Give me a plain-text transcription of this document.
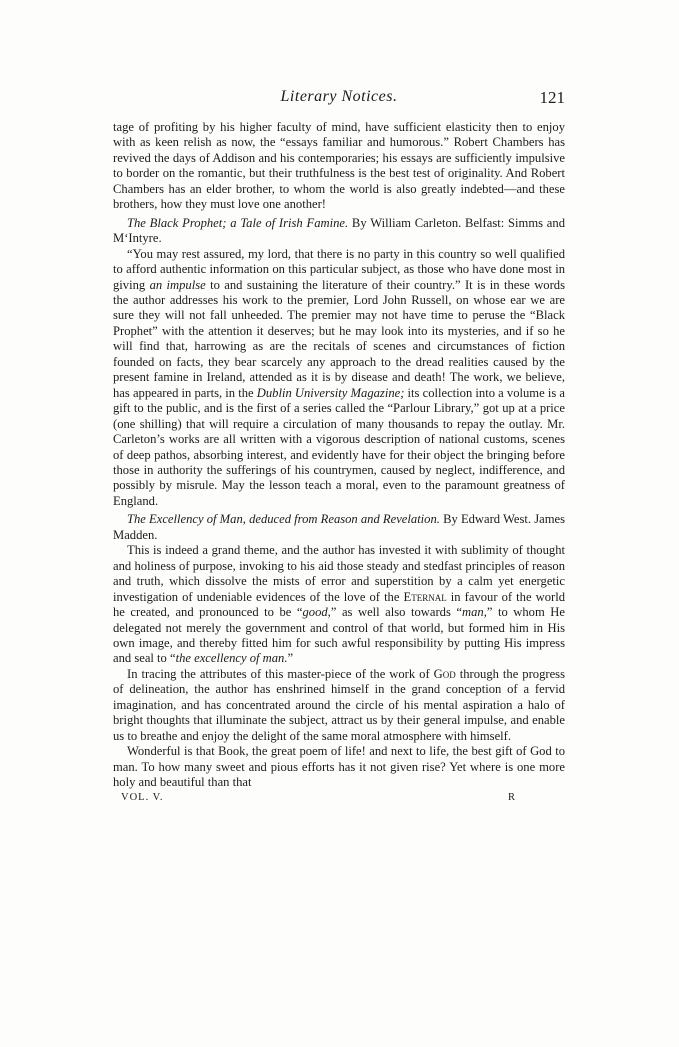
Literary Notices.	121

tage of profiting by his higher faculty of mind, have sufficient elasticity then to enjoy with as keen relish as now, the “essays familiar and humorous.” Robert Chambers has revived the days of Addison and his contemporaries; his essays are sufficiently impulsive to border on the romantic, but their truthfulness is the best test of originality. And Robert Chambers has an elder brother, to whom the world is also greatly indebted—and these brothers, how they must love one another!

The Black Prophet; a Tale of Irish Famine. By William Carleton. Belfast: Simms and M‘Intyre.

“You may rest assured, my lord, that there is no party in this country so well qualified to afford authentic information on this particular subject, as those who have done most in giving an impulse to and sustaining the literature of their country.” It is in these words the author addresses his work to the premier, Lord John Russell, on whose ear we are sure they will not fall unheeded. The premier may not have time to peruse the “Black Prophet” with the attention it deserves; but he may look into its mysteries, and if so he will find that, harrowing as are the recitals of scenes and circumstances of fiction founded on facts, they bear scarcely any approach to the dread realities caused by the present famine in Ireland, attended as it is by disease and death! The work, we believe, has appeared in parts, in the Dublin University Magazine; its collection into a volume is a gift to the public, and is the first of a series called the “Parlour Library,” got up at a price (one shilling) that will require a circulation of many thousands to repay the outlay. Mr. Carleton’s works are all written with a vigorous description of national customs, scenes of deep pathos, absorbing interest, and evidently have for their object the bringing before those in authority the sufferings of his countrymen, caused by neglect, indifference, and possibly by misrule. May the lesson teach a moral, even to the paramount greatness of England.

The Excellency of Man, deduced from Reason and Revelation. By Edward West. James Madden.

This is indeed a grand theme, and the author has invested it with sublimity of thought and holiness of purpose, invoking to his aid those steady and stedfast principles of reason and truth, which dissolve the mists of error and superstition by a calm yet energetic investigation of undeniable evidences of the love of the Eternal in favour of the world he created, and pronounced to be “good,” as well also towards “man,” to whom He delegated not merely the government and control of that world, but formed him in His own image, and thereby fitted him for such awful responsibility by putting His impress and seal to “the excellency of man.”

In tracing the attributes of this master-piece of the work of God through the progress of delineation, the author has enshrined himself in the grand conception of a fervid imagination, and has concentrated around the circle of his mental aspiration a halo of bright thoughts that illuminate the subject, attract us by their general impulse, and enable us to breathe and enjoy the delight of the same moral atmosphere with himself.

Wonderful is that Book, the great poem of life! and next to life, the best gift of God to man. To how many sweet and pious efforts has it not given rise? Yet where is one more holy and beautiful than that

VOL. V.	R
